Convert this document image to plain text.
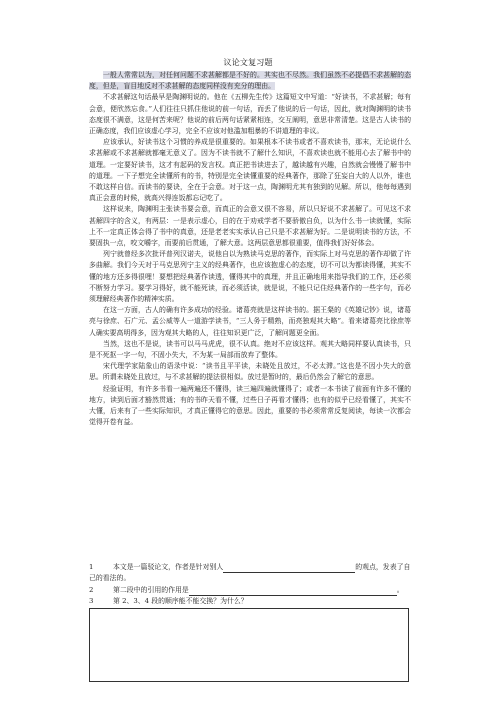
议论文复习题

一般人常常以为，对任何问题不求甚解都是不好的。其实也不尽然。我们虽然不必提倡不求甚解的态度，但是，盲目地反对不求甚解的态度同样没有充分的理由。

不求甚解这句话最早是陶渊明说的。他在《五柳先生传》这篇短文中写道：“好读书，不求甚解；每有会意，便欣然忘食。”人们往往只抓住他说的前一句话，而丢了他说的后一句话，因此，就对陶渊明的读书态度很不满意，这是何苦来呢？他说的前后两句话紧紧相连，交互阐明，意思非常清楚。这是古人读书的正确态度，我们应该虚心学习，完全不应该对他滥加粗暴的不讲道理的非议。

应该承认，好读书这个习惯的养成是很重要的。如果根本不读书或者不喜欢读书，那末，无论说什么求甚解或不求甚解就都毫无意义了。因为不读书就不了解什么知识，不喜欢读也就不能用心去了解书中的道理。一定要好读书，这才有起码的发言权。真正把书读进去了，越读越有兴趣，自然就会慢慢了解书中的道理。一下子想完全读懂所有的书，特别是完全读懂重要的经典著作，那除了狂妄自大的人以外，谁也不敢这样自信。而读书的要诀，全在于会意。对于这一点，陶渊明尤其有独到的见解。所以，他每每遇到真正会意的时候，就高兴得连饭都忘记吃了。

这样说来，陶渊明主张读书要会意，而真正的会意又很不容易，所以只好说不求甚解了。可见这不求甚解四字的含义，有两层：一是表示虚心，目的在于劝戒学者不要骄傲自负，以为什么书一读就懂，实际上不一定真正体会得了书中的真意，还是老老实实承认自己只是不求甚解为好。二是说明读书的方法，不要固执一点，咬文嚼字，而要前后贯通，了解大意。这两层意思都很重要，值得我们好好体会。

列宁就曾经多次批评普列汉诺夫，说他自以为熟读马克思的著作，而实际上对马克思的著作却做了许多曲解。我们今天对于马克思列宁主义的经典著作，也应该抱虚心的态度，切不可以为都读得懂，其实不懂的地方还多得很哩！要想把经典著作读透，懂得其中的真理，并且正确地用来指导我们的工作，还必须不断努力学习。要学习得好，就不能死读，而必须活读，就是说，不能只记住经典著作的一些字句，而必须理解经典著作的精神实质。

在这一方面，古人的确有许多成功的经验。诸葛亮就是这样读书的。据王粲的《英雄记钞》说，诸葛亮与徐庶、石广元、孟公威等人一道游学读书，“三人务于精熟，而亮独观其大略”。看来诸葛亮比徐庶等人确实要高明得多，因为观其大略的人，往往知识更广泛，了解问题更全面。

当然，这也不是说，读书可以马马虎虎，很不认真。绝对不应该这样。观其大略同样要认真读书，只是不死抠一字一句，不固小失大，不为某一局部而放弃了整体。

宋代理学家陆象山的语录中说：“读书且平平读，未晓处且放过，不必太滞。”这也是不因小失大的意思。所谓未晓处且放过，与不求甚解的提法很相似。放过是暂时的，最后仍然会了解它的意思。

经验证明，有许多书看一遍两遍还不懂得，读三遍四遍就懂得了；或者一本书读了前面有许多不懂的地方，读到后面才豁然贯通；有的书昨天看不懂，过些日子再看才懂得；也有的似乎已经看懂了，其实不大懂，后来有了一些实际知识，才真正懂得它的意思。因此，重要的书必须常常反复阅读，每读一次都会觉得开卷有益。

1	本文是一篇驳论文，作者是针对别人	的观点，发表了自己的看法的。
2	第二段中的引用的作用是	。
3	第 2、3、4 段的顺序能不能交换？为什么？
